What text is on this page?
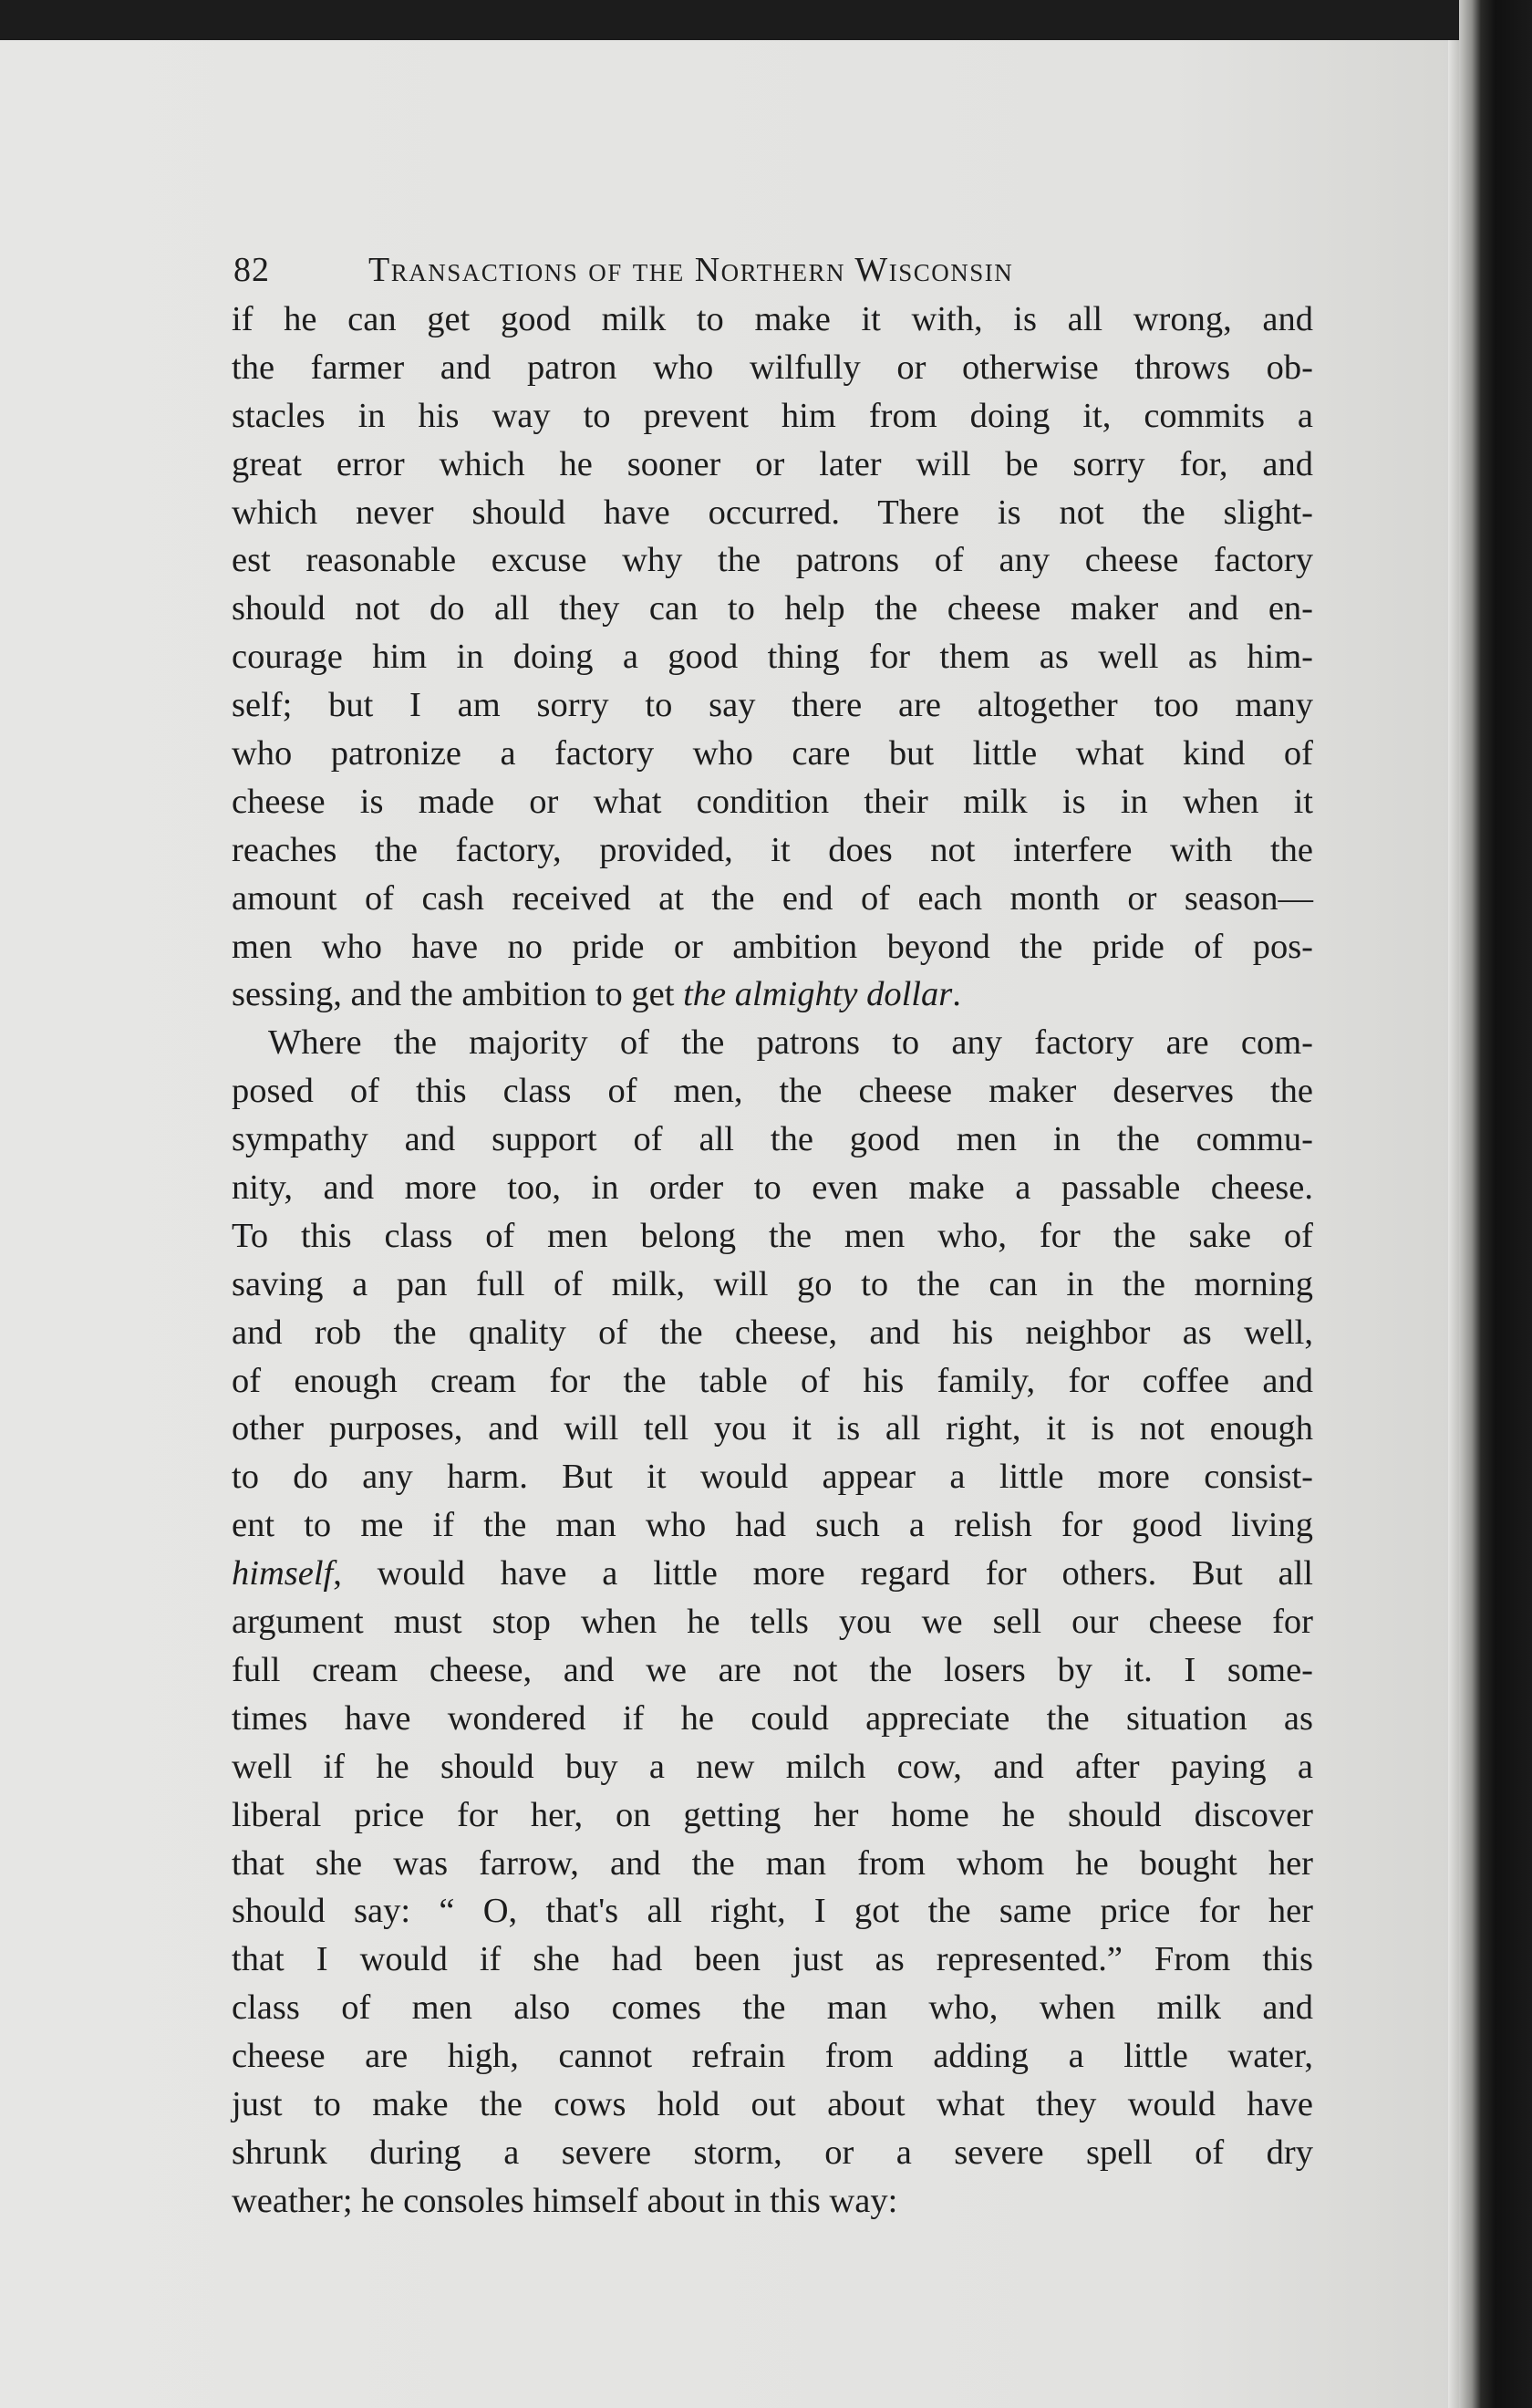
82	Transactions of the Northern Wisconsin
if he can get good milk to make it with, is all wrong, and
the farmer and patron who wilfully or otherwise throws ob-
stacles in his way to prevent him from doing it, commits a
great error which he sooner or later will be sorry for, and
which never should have occurred. There is not the slight-
est reasonable excuse why the patrons of any cheese factory
should not do all they can to help the cheese maker and en-
courage him in doing a good thing for them as well as him-
self; but I am sorry to say there are altogether too many
who patronize a factory who care but little what kind of
cheese is made or what condition their milk is in when it
reaches the factory, provided, it does not interfere with the
amount of cash received at the end of each month or season—
men who have no pride or ambition beyond the pride of pos-
sessing, and the ambition to get the almighty dollar.
Where the majority of the patrons to any factory are com-
posed of this class of men, the cheese maker deserves the
sympathy and support of all the good men in the commu-
nity, and more too, in order to even make a passable cheese.
To this class of men belong the men who, for the sake of
saving a pan full of milk, will go to the can in the morning
and rob the qnality of the cheese, and his neighbor as well,
of enough cream for the table of his family, for coffee and
other purposes, and will tell you it is all right, it is not enough
to do any harm. But it would appear a little more consist-
ent to me if the man who had such a relish for good living
himself, would have a little more regard for others. But all
argument must stop when he tells you we sell our cheese for
full cream cheese, and we are not the losers by it. I some-
times have wondered if he could appreciate the situation as
well if he should buy a new milch cow, and after paying a
liberal price for her, on getting her home he should discover
that she was farrow, and the man from whom he bought her
should say: “ O, that's all right, I got the same price for her
that I would if she had been just as represented.” From this
class of men also comes the man who, when milk and
cheese are high, cannot refrain from adding a little water,
just to make the cows hold out about what they would have
shrunk during a severe storm, or a severe spell of dry
weather; he consoles himself about in this way:
